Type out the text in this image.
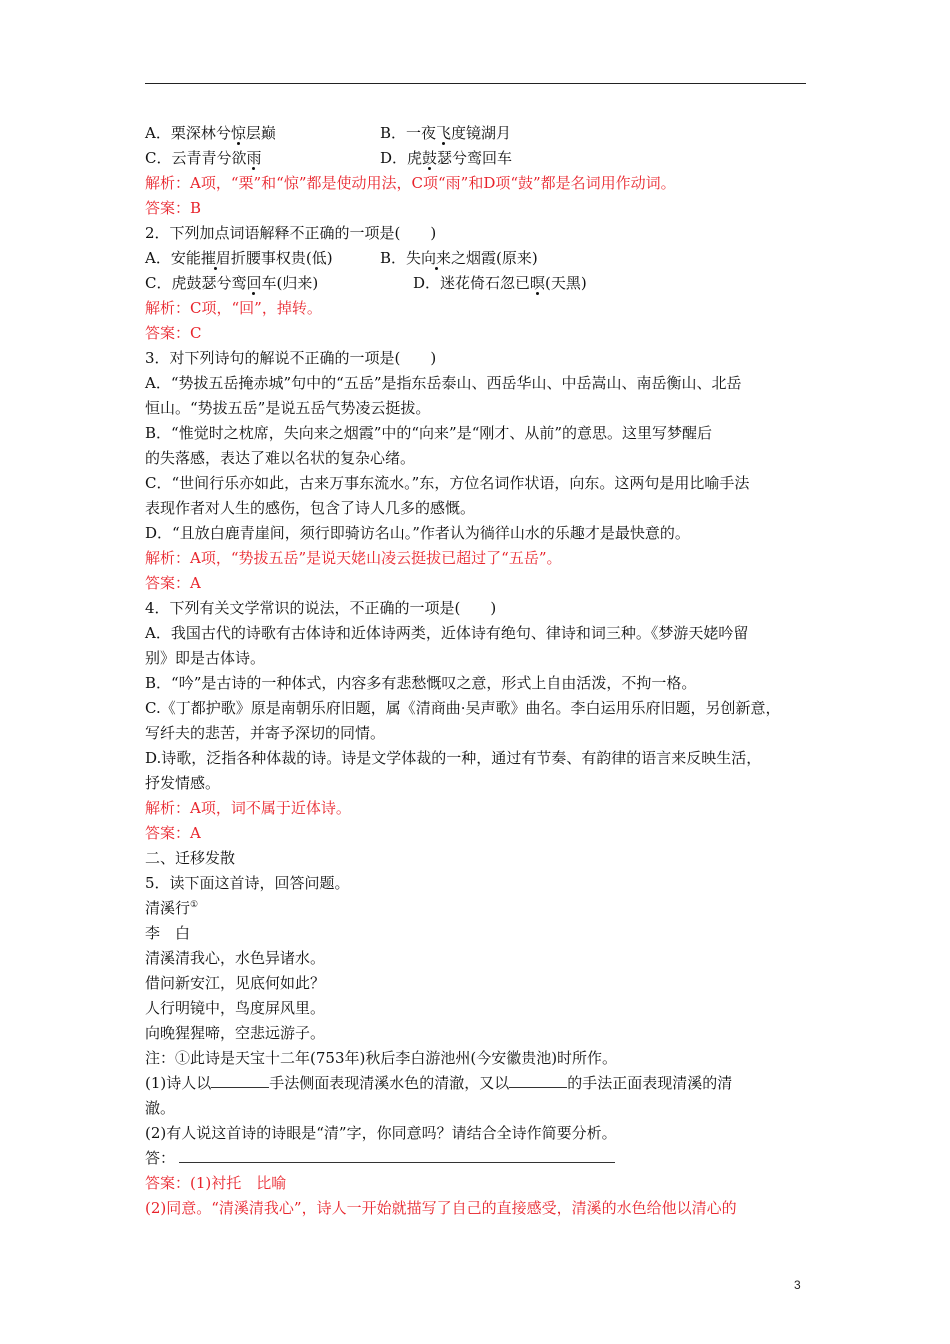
A．栗深林兮惊层巅	B．一夜飞度镜湖月
C．云青青兮欲雨	D．虎鼓瑟兮鸾回车
解析：A项，“栗”和“惊”都是使动用法，C项“雨”和D项“鼓”都是名词用作动词。
答案：B
2．下列加点词语解释不正确的一项是(　　)
A．安能摧眉折腰事权贵(低)	B．失向来之烟霞(原来)
C．虎鼓瑟兮鸾回车(归来)	D．迷花倚石忽已暝(天黑)
解析：C项，“回”，掉转。
答案：C
3．对下列诗句的解说不正确的一项是(　　)
A．“势拔五岳掩赤城”句中的“五岳”是指东岳泰山、西岳华山、中岳嵩山、南岳衡山、北岳
恒山。“势拔五岳”是说五岳气势凌云挺拔。
B．“惟觉时之枕席，失向来之烟霞”中的“向来”是“刚才、从前”的意思。这里写梦醒后
的失落感，表达了难以名状的复杂心绪。
C．“世间行乐亦如此，古来万事东流水。”东，方位名词作状语，向东。这两句是用比喻手法
表现作者对人生的感伤，包含了诗人几多的感慨。
D．“且放白鹿青崖间，须行即骑访名山。”作者认为徜徉山水的乐趣才是最快意的。
解析：A项，“势拔五岳”是说天姥山凌云挺拔已超过了“五岳”。
答案：A
4．下列有关文学常识的说法，不正确的一项是(　　)
A．我国古代的诗歌有古体诗和近体诗两类，近体诗有绝句、律诗和词三种。《梦游天姥吟留
别》即是古体诗。
B．“吟”是古诗的一种体式，内容多有悲愁慨叹之意，形式上自由活泼，不拘一格。
C.《丁都护歌》原是南朝乐府旧题，属《清商曲·吴声歌》曲名。李白运用乐府旧题，另创新意，
写纤夫的悲苦，并寄予深切的同情。
D.诗歌，泛指各种体裁的诗。诗是文学体裁的一种，通过有节奏、有韵律的语言来反映生活，
抒发情感。
解析：A项，词不属于近体诗。
答案：A
二、迁移发散
5．读下面这首诗，回答问题。
清溪行①
李　白
清溪清我心，水色异诸水。
借问新安江，见底何如此？
人行明镜中，鸟度屏风里。
向晚猩猩啼，空悲远游子。
注：①此诗是天宝十二年(753年)秋后李白游池州(今安徽贵池)时所作。
(1)诗人以	手法侧面表现清溪水色的清澈，又以	的手法正面表现清溪的清
澈。
(2)有人说这首诗的诗眼是“清”字，你同意吗？请结合全诗作简要分析。
答：
答案：(1)衬托　比喻
(2)同意。“清溪清我心”，诗人一开始就描写了自己的直接感受，清溪的水色给他以清心的
3
